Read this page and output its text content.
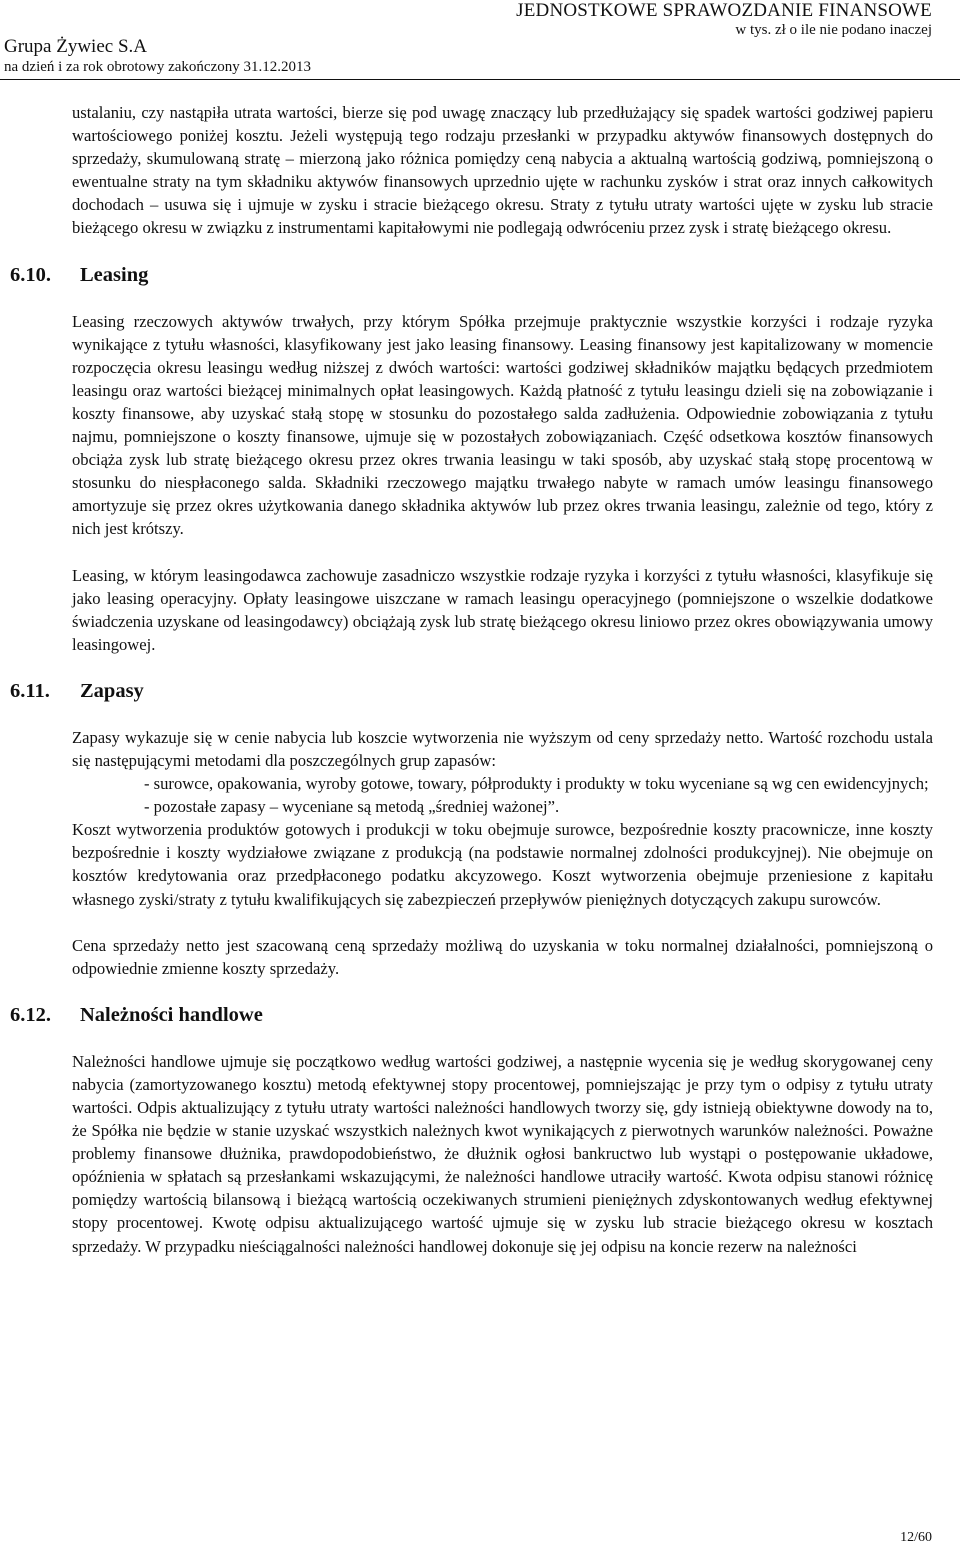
JEDNOSTKOWE SPRAWOZDANIE FINANSOWE
w tys. zł o ile nie podano inaczej
Grupa Żywiec S.A
na dzień i za rok obrotowy zakończony 31.12.2013

ustalaniu, czy nastąpiła utrata wartości, bierze się pod uwagę znaczący lub przedłużający się spadek wartości godziwej papieru wartościowego poniżej kosztu. Jeżeli występują tego rodzaju przesłanki w przypadku aktywów finansowych dostępnych do sprzedaży, skumulowaną stratę – mierzoną jako różnica pomiędzy ceną nabycia a aktualną wartością godziwą, pomniejszoną o ewentualne straty na tym składniku aktywów finansowych uprzednio ujęte w rachunku zysków i strat oraz innych całkowitych dochodach – usuwa się i ujmuje w zysku i stracie bieżącego okresu. Straty z tytułu utraty wartości ujęte w zysku lub stracie bieżącego okresu w związku z instrumentami kapitałowymi nie podlegają odwróceniu przez zysk i stratę bieżącego okresu.

6.10. Leasing

Leasing rzeczowych aktywów trwałych, przy którym Spółka przejmuje praktycznie wszystkie korzyści i rodzaje ryzyka wynikające z tytułu własności, klasyfikowany jest jako leasing finansowy. Leasing finansowy jest kapitalizowany w momencie rozpoczęcia okresu leasingu według niższej z dwóch wartości: wartości godziwej składników majątku będących przedmiotem leasingu oraz wartości bieżącej minimalnych opłat leasingowych. Każdą płatność z tytułu leasingu dzieli się na zobowiązanie i koszty finansowe, aby uzyskać stałą stopę w stosunku do pozostałego salda zadłużenia. Odpowiednie zobowiązania z tytułu najmu, pomniejszone o koszty finansowe, ujmuje się w pozostałych zobowiązaniach. Część odsetkowa kosztów finansowych obciąża zysk lub stratę bieżącego okresu przez okres trwania leasingu w taki sposób, aby uzyskać stałą stopę procentową w stosunku do niespłaconego salda. Składniki rzeczowego majątku trwałego nabyte w ramach umów leasingu finansowego amortyzuje się przez okres użytkowania danego składnika aktywów lub przez okres trwania leasingu, zależnie od tego, który z nich jest krótszy.

Leasing, w którym leasingodawca zachowuje zasadniczo wszystkie rodzaje ryzyka i korzyści z tytułu własności, klasyfikuje się jako leasing operacyjny. Opłaty leasingowe uiszczane w ramach leasingu operacyjnego (pomniejszone o wszelkie dodatkowe świadczenia uzyskane od leasingodawcy) obciążają zysk lub stratę bieżącego okresu liniowo przez okres obowiązywania umowy leasingowej.

6.11. Zapasy

Zapasy wykazuje się w cenie nabycia lub koszcie wytworzenia nie wyższym od ceny sprzedaży netto. Wartość rozchodu ustala się następującymi metodami dla poszczególnych grup zapasów:

- surowce, opakowania, wyroby gotowe, towary, półprodukty i produkty w toku wyceniane są wg cen ewidencyjnych;

- pozostałe zapasy – wyceniane są metodą „średniej ważonej”.

Koszt wytworzenia produktów gotowych i produkcji w toku obejmuje surowce, bezpośrednie koszty pracownicze, inne koszty bezpośrednie i koszty wydziałowe związane z produkcją (na podstawie normalnej zdolności produkcyjnej). Nie obejmuje on kosztów kredytowania oraz przedpłaconego podatku akcyzowego. Koszt wytworzenia obejmuje przeniesione z kapitału własnego zyski/straty z tytułu kwalifikujących się zabezpieczeń przepływów pieniężnych dotyczących zakupu surowców.

Cena sprzedaży netto jest szacowaną ceną sprzedaży możliwą do uzyskania w toku normalnej działalności, pomniejszoną o odpowiednie zmienne koszty sprzedaży.

6.12. Należności handlowe

Należności handlowe ujmuje się początkowo według wartości godziwej, a następnie wycenia się je według skorygowanej ceny nabycia (zamortyzowanego kosztu) metodą efektywnej stopy procentowej, pomniejszając je przy tym o odpisy z tytułu utraty wartości. Odpis aktualizujący z tytułu utraty wartości należności handlowych tworzy się, gdy istnieją obiektywne dowody na to, że Spółka nie będzie w stanie uzyskać wszystkich należnych kwot wynikających z pierwotnych warunków należności. Poważne problemy finansowe dłużnika, prawdopodobieństwo, że dłużnik ogłosi bankructwo lub wystąpi o postępowanie układowe, opóźnienia w spłatach są przesłankami wskazującymi, że należności handlowe utraciły wartość. Kwota odpisu stanowi różnicę pomiędzy wartością bilansową i bieżącą wartością oczekiwanych strumieni pieniężnych zdyskontowanych według efektywnej stopy procentowej. Kwotę odpisu aktualizującego wartość ujmuje się w zysku lub stracie bieżącego okresu w kosztach sprzedaży. W przypadku nieściągalności należności handlowej dokonuje się jej odpisu na koncie rezerw na należności

12/60
